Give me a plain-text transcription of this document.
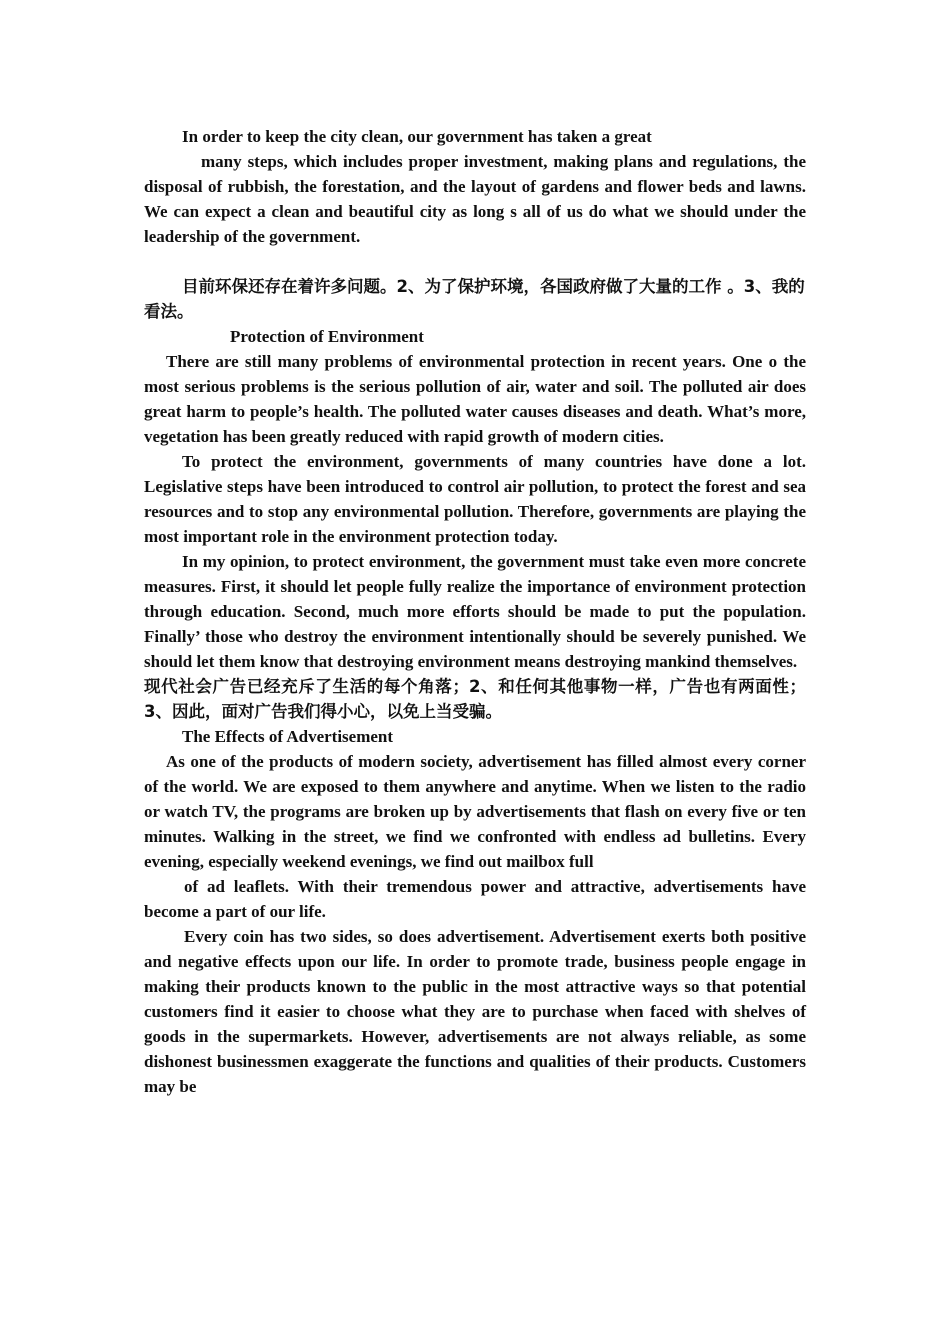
In order to keep the city clean, our government has taken a great

many steps, which includes proper investment, making plans and regulations, the disposal of rubbish, the forestation, and the layout of gardens and flower beds and lawns. We can expect a clean and beautiful city as long s all of us do what we should under the leadership of the government.

目前环保还存在着许多问题。2、为了保护环境，各国政府做了大量的工作 。3、我的看法。

Protection of Environment

There are still many problems of environmental protection in recent years. One o the most serious problems is the serious pollution of air, water and soil. The polluted air does great harm to people’s health. The polluted water causes diseases and death. What’s more, vegetation has been greatly reduced with rapid growth of modern cities.

To protect the environment, governments of many countries have done a lot. Legislative steps have been introduced to control air pollution, to protect the forest and sea resources and to stop any environmental pollution. Therefore, governments are playing the most important role in the environment protection today.

In my opinion, to protect environment, the government must take even more concrete measures. First, it should let people fully realize the importance of environment protection through education. Second, much more efforts should be made to put the population. Finally’ those who destroy the environment intentionally should be severely punished. We should let them know that destroying environment means destroying mankind themselves.

现代社会广告已经充斥了生活的每个角落；2、和任何其他事物一样，广告也有两面性；3、因此，面对广告我们得小心，以免上当受骗。

The Effects of Advertisement

As one of the products of modern society, advertisement has filled almost every corner of the world. We are exposed to them anywhere and anytime. When we listen to the radio or watch TV, the programs are broken up by advertisements that flash on every five or ten minutes. Walking in the street, we find we confronted with endless ad bulletins. Every evening, especially weekend evenings, we find out mailbox full

of ad leaflets. With their tremendous power and attractive, advertisements have become a part of our life.

Every coin has two sides, so does advertisement. Advertisement exerts both positive and negative effects upon our life. In order to promote trade, business people engage in making their products known to the public in the most attractive ways so that potential customers find it easier to choose what they are to purchase when faced with shelves of goods in the supermarkets. However, advertisements are not always reliable, as some dishonest businessmen exaggerate the functions and qualities of their products. Customers may be
